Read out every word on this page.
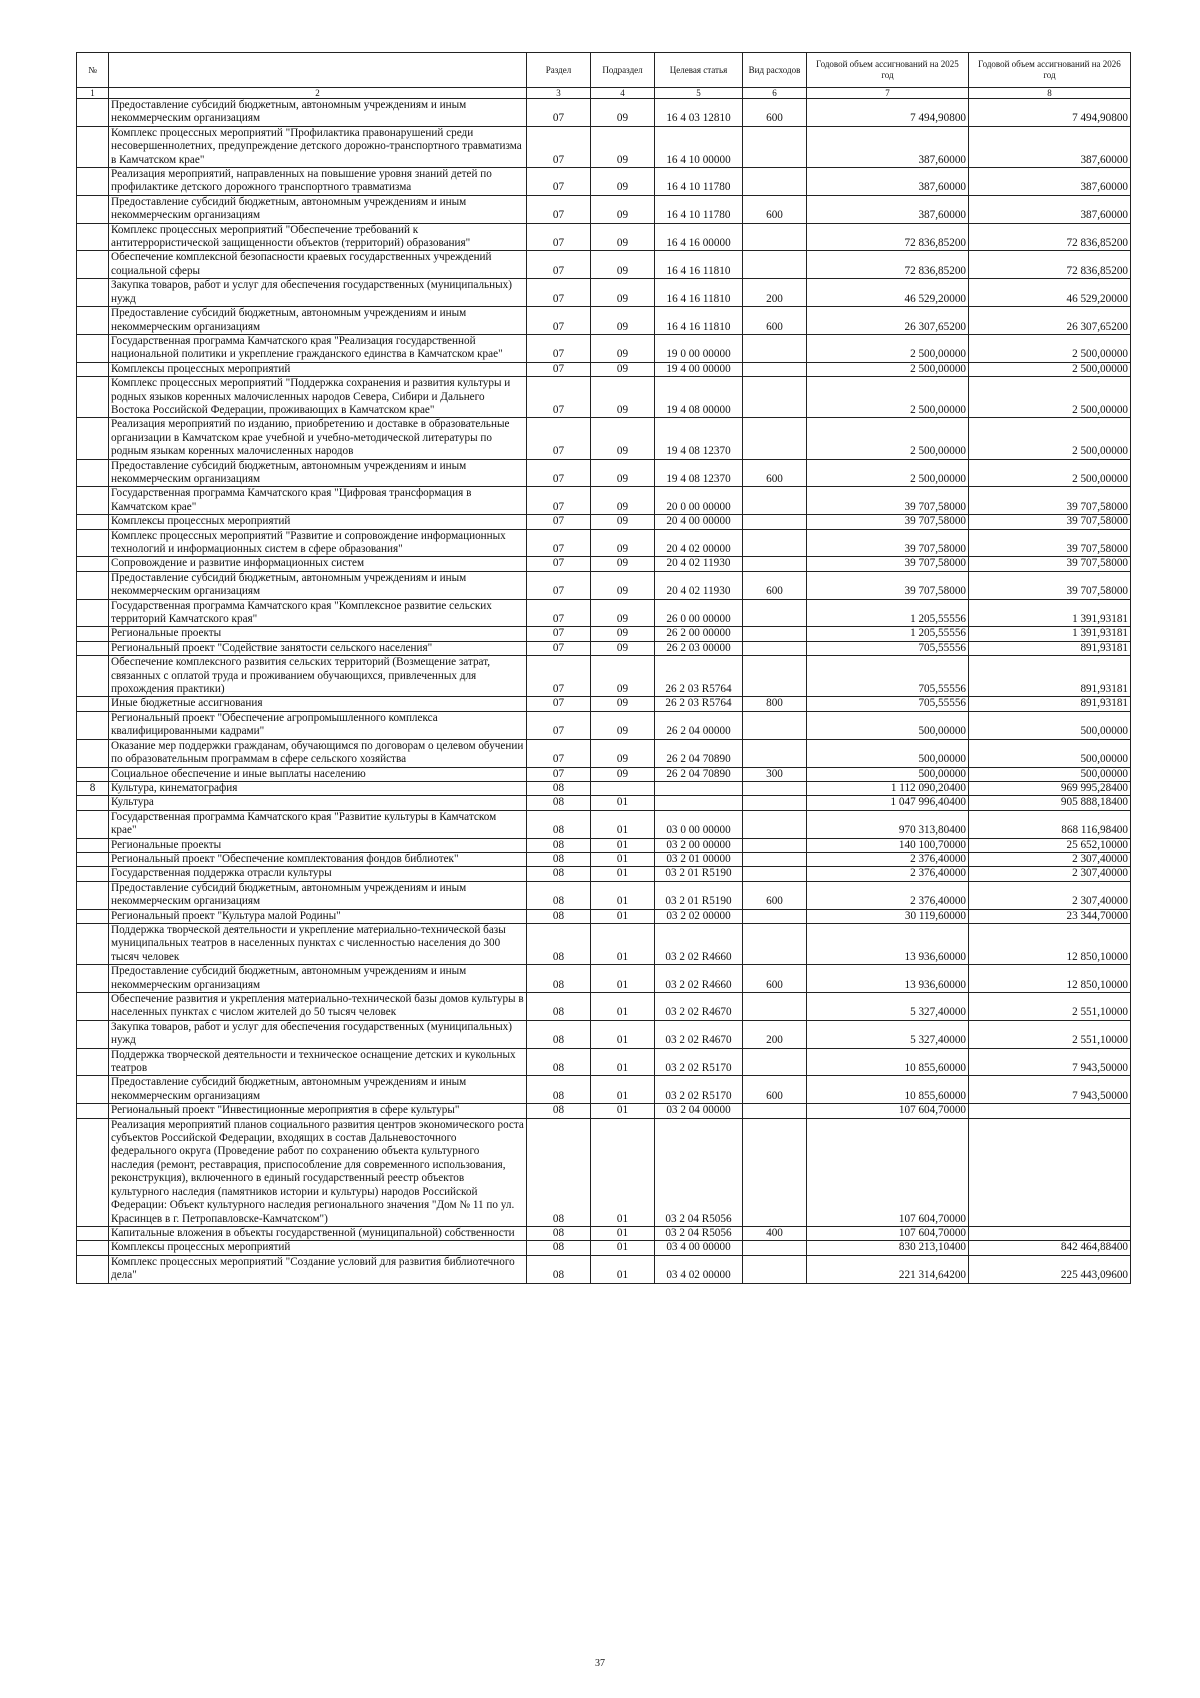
№		Раздел	Подраздел	Целевая статья	Вид расходов	Годовой объем ассигнований на 2025 год	Годовой объем ассигнований на 2026 год
1	2	3	4	5	6	7	8
	Предоставление субсидий бюджетным, автономным учреждениям и иным некоммерческим организациям	07	09	16 4 03 12810	600	7 494,90800	7 494,90800
	Комплекс процессных мероприятий "Профилактика правонарушений среди несовершеннолетних, предупреждение детского дорожно-транспортного травматизма в Камчатском крае"	07	09	16 4 10 00000		387,60000	387,60000
	Реализация мероприятий, направленных на повышение уровня знаний детей по профилактике детского дорожного транспортного травматизма	07	09	16 4 10 11780		387,60000	387,60000
	Предоставление субсидий бюджетным, автономным учреждениям и иным некоммерческим организациям	07	09	16 4 10 11780	600	387,60000	387,60000
	Комплекс процессных мероприятий "Обеспечение требований к антитеррористической защищенности объектов (территорий) образования"	07	09	16 4 16 00000		72 836,85200	72 836,85200
	Обеспечение комплексной безопасности краевых государственных учреждений социальной сферы	07	09	16 4 16 11810		72 836,85200	72 836,85200
	Закупка товаров, работ и услуг для обеспечения государственных (муниципальных) нужд	07	09	16 4 16 11810	200	46 529,20000	46 529,20000
	Предоставление субсидий бюджетным, автономным учреждениям и иным некоммерческим организациям	07	09	16 4 16 11810	600	26 307,65200	26 307,65200
	Государственная программа Камчатского края "Реализация государственной национальной политики и укрепление гражданского единства в Камчатском крае"	07	09	19 0 00 00000		2 500,00000	2 500,00000
	Комплексы процессных мероприятий	07	09	19 4 00 00000		2 500,00000	2 500,00000
	Комплекс процессных мероприятий "Поддержка сохранения и развития культуры и родных языков коренных малочисленных народов Севера, Сибири и Дальнего Востока Российской Федерации, проживающих в Камчатском крае"	07	09	19 4 08 00000		2 500,00000	2 500,00000
	Реализация мероприятий по изданию, приобретению и доставке в образовательные организации в Камчатском крае учебной и учебно-методической литературы по родным языкам коренных малочисленных народов	07	09	19 4 08 12370		2 500,00000	2 500,00000
	Предоставление субсидий бюджетным, автономным учреждениям и иным некоммерческим организациям	07	09	19 4 08 12370	600	2 500,00000	2 500,00000
	Государственная программа Камчатского края "Цифровая трансформация в Камчатском крае"	07	09	20 0 00 00000		39 707,58000	39 707,58000
	Комплексы процессных мероприятий	07	09	20 4 00 00000		39 707,58000	39 707,58000
	Комплекс процессных мероприятий "Развитие и сопровождение информационных технологий и информационных систем в сфере образования"	07	09	20 4 02 00000		39 707,58000	39 707,58000
	Сопровождение и развитие информационных систем	07	09	20 4 02 11930		39 707,58000	39 707,58000
	Предоставление субсидий бюджетным, автономным учреждениям и иным некоммерческим организациям	07	09	20 4 02 11930	600	39 707,58000	39 707,58000
	Государственная программа Камчатского края "Комплексное развитие сельских территорий Камчатского края"	07	09	26 0 00 00000		1 205,55556	1 391,93181
	Региональные проекты	07	09	26 2 00 00000		1 205,55556	1 391,93181
	Региональный проект "Содействие занятости сельского населения"	07	09	26 2 03 00000		705,55556	891,93181
	Обеспечение комплексного развития сельских территорий (Возмещение затрат, связанных с оплатой труда и проживанием обучающихся, привлеченных для прохождения практики)	07	09	26 2 03 R5764		705,55556	891,93181
	Иные бюджетные ассигнования	07	09	26 2 03 R5764	800	705,55556	891,93181
	Региональный проект "Обеспечение агропромышленного комплекса квалифицированными кадрами"	07	09	26 2 04 00000		500,00000	500,00000
	Оказание мер поддержки гражданам, обучающимся по договорам о целевом обучении по образовательным программам в сфере сельского хозяйства	07	09	26 2 04 70890		500,00000	500,00000
	Социальное обеспечение и иные выплаты населению	07	09	26 2 04 70890	300	500,00000	500,00000
8	Культура, кинематография	08				1 112 090,20400	969 995,28400
	Культура	08	01			1 047 996,40400	905 888,18400
	Государственная программа Камчатского края "Развитие культуры в Камчатском крае"	08	01	03 0 00 00000		970 313,80400	868 116,98400
	Региональные проекты	08	01	03 2 00 00000		140 100,70000	25 652,10000
	Региональный проект "Обеспечение комплектования фондов библиотек"	08	01	03 2 01 00000		2 376,40000	2 307,40000
	Государственная поддержка отрасли культуры	08	01	03 2 01 R5190		2 376,40000	2 307,40000
	Предоставление субсидий бюджетным, автономным учреждениям и иным некоммерческим организациям	08	01	03 2 01 R5190	600	2 376,40000	2 307,40000
	Региональный проект "Культура малой Родины"	08	01	03 2 02 00000		30 119,60000	23 344,70000
	Поддержка творческой деятельности и укрепление материально-технической базы муниципальных театров в населенных пунктах с численностью населения до 300 тысяч человек	08	01	03 2 02 R4660		13 936,60000	12 850,10000
	Предоставление субсидий бюджетным, автономным учреждениям и иным некоммерческим организациям	08	01	03 2 02 R4660	600	13 936,60000	12 850,10000
	Обеспечение развития и укрепления материально-технической базы домов культуры в населенных пунктах с числом жителей до 50 тысяч человек	08	01	03 2 02 R4670		5 327,40000	2 551,10000
	Закупка товаров, работ и услуг для обеспечения государственных (муниципальных) нужд	08	01	03 2 02 R4670	200	5 327,40000	2 551,10000
	Поддержка творческой деятельности и техническое оснащение детских и кукольных театров	08	01	03 2 02 R5170		10 855,60000	7 943,50000
	Предоставление субсидий бюджетным, автономным учреждениям и иным некоммерческим организациям	08	01	03 2 02 R5170	600	10 855,60000	7 943,50000
	Региональный проект "Инвестиционные мероприятия в сфере культуры"	08	01	03 2 04 00000		107 604,70000	
	Реализация мероприятий планов социального развития центров экономического роста субъектов Российской Федерации, входящих в состав Дальневосточного федерального округа (Проведение работ по сохранению объекта культурного наследия (ремонт, реставрация, приспособление для современного использования, реконструкция), включенного в единый государственный реестр объектов культурного наследия (памятников истории и культуры) народов Российской Федерации: Объект культурного наследия регионального значения "Дом № 11 по ул. Красинцев в г. Петропавловске-Камчатском")	08	01	03 2 04 R5056		107 604,70000	
	Капитальные вложения в объекты государственной (муниципальной) собственности	08	01	03 2 04 R5056	400	107 604,70000	
	Комплексы процессных мероприятий	08	01	03 4 00 00000		830 213,10400	842 464,88400
	Комплекс процессных мероприятий "Создание условий для развития библиотечного дела"	08	01	03 4 02 00000		221 314,64200	225 443,09600
37
